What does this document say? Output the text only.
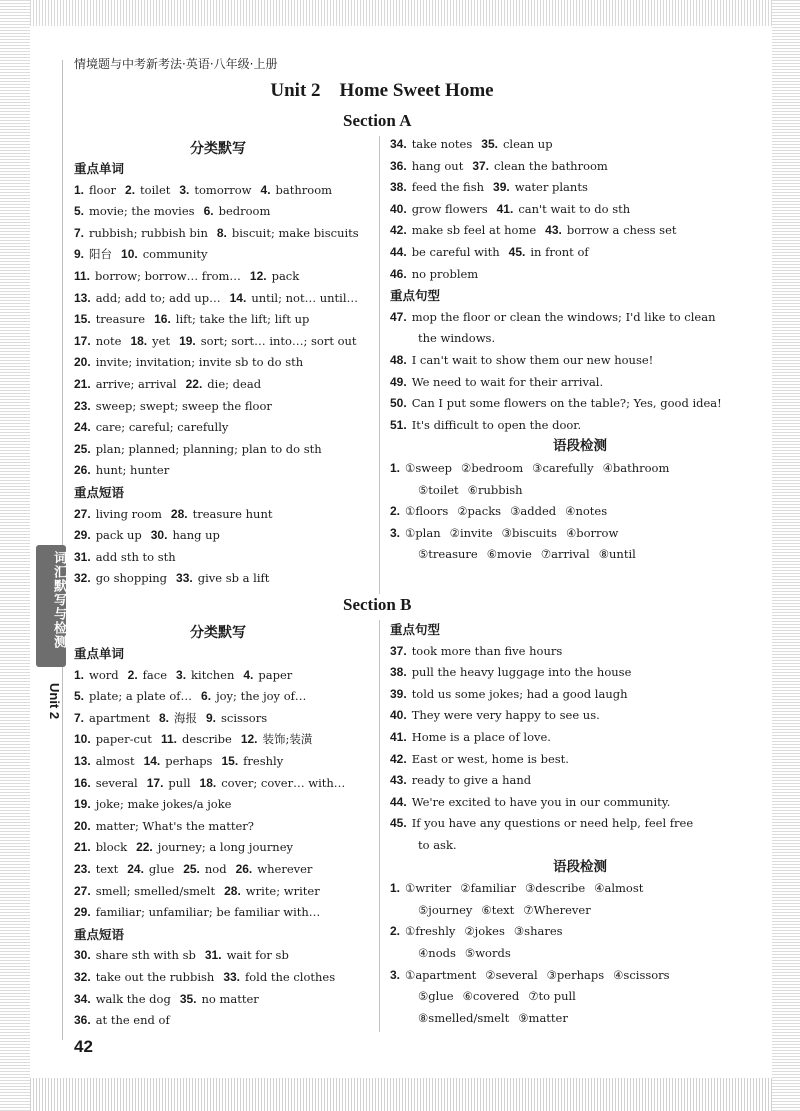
情境题与中考新考法·英语·八年级·上册
Unit 2    Home Sweet Home
词汇默写与检测
Unit 2
Section A
分类默写
重点单词
1. floor 2. toilet 3. tomorrow 4. bathroom
5. movie; the movies 6. bedroom
7. rubbish; rubbish bin 8. biscuit; make biscuits
9. 阳台 10. community
11. borrow; borrow… from… 12. pack
13. add; add to; add up… 14. until; not… until…
15. treasure 16. lift; take the lift; lift up
17. note 18. yet 19. sort; sort… into…; sort out
20. invite; invitation; invite sb to do sth
21. arrive; arrival 22. die; dead
23. sweep; swept; sweep the floor
24. care; careful; carefully
25. plan; planned; planning; plan to do sth
26. hunt; hunter
重点短语
27. living room 28. treasure hunt
29. pack up 30. hang up
31. add sth to sth
32. go shopping 33. give sb a lift
34. take notes 35. clean up
36. hang out 37. clean the bathroom
38. feed the fish 39. water plants
40. grow flowers 41. can't wait to do sth
42. make sb feel at home 43. borrow a chess set
44. be careful with 45. in front of
46. no problem
重点句型
47. mop the floor or clean the windows; I'd like to clean
the windows.
48. I can't wait to show them our new house!
49. We need to wait for their arrival.
50. Can I put some flowers on the table?; Yes, good idea!
51. It's difficult to open the door.
语段检测
1. ①sweep ②bedroom ③carefully ④bathroom
⑤toilet ⑥rubbish
2. ①floors ②packs ③added ④notes
3. ①plan ②invite ③biscuits ④borrow
⑤treasure ⑥movie ⑦arrival ⑧until
Section B
分类默写
重点单词
1. word 2. face 3. kitchen 4. paper
5. plate; a plate of… 6. joy; the joy of…
7. apartment 8. 海报 9. scissors
10. paper-cut 11. describe 12. 装饰;装潢
13. almost 14. perhaps 15. freshly
16. several 17. pull 18. cover; cover… with…
19. joke; make jokes/a joke
20. matter; What's the matter?
21. block 22. journey; a long journey
23. text 24. glue 25. nod 26. wherever
27. smell; smelled/smelt 28. write; writer
29. familiar; unfamiliar; be familiar with…
重点短语
30. share sth with sb 31. wait for sb
32. take out the rubbish 33. fold the clothes
34. walk the dog 35. no matter
36. at the end of
重点句型
37. took more than five hours
38. pull the heavy luggage into the house
39. told us some jokes; had a good laugh
40. They were very happy to see us.
41. Home is a place of love.
42. East or west, home is best.
43. ready to give a hand
44. We're excited to have you in our community.
45. If you have any questions or need help, feel free
to ask.
语段检测
1. ①writer ②familiar ③describe ④almost
⑤journey ⑥text ⑦Wherever
2. ①freshly ②jokes ③shares
④nods ⑤words
3. ①apartment ②several ③perhaps ④scissors
⑤glue ⑥covered ⑦to pull
⑧smelled/smelt ⑨matter
42
